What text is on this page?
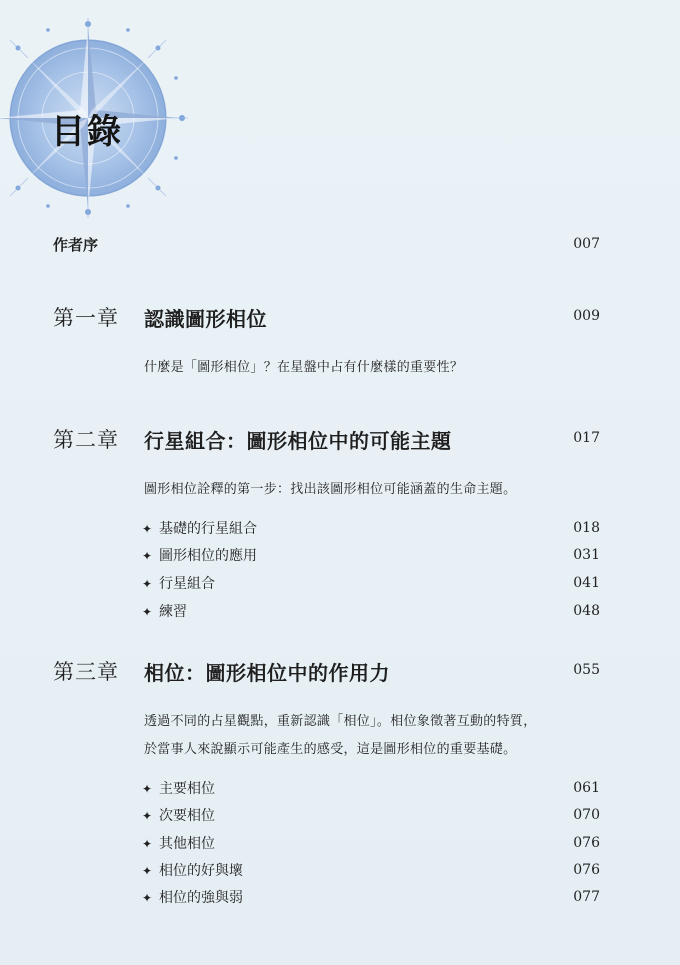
目錄
作者序	007
第一章 認識圖形相位	009
什麼是「圖形相位」？在星盤中占有什麼樣的重要性？
第二章 行星組合：圖形相位中的可能主題	017
圖形相位詮釋的第一步：找出該圖形相位可能涵蓋的生命主題。
✦ 基礎的行星組合	018
✦ 圖形相位的應用	031
✦ 行星組合	041
✦ 練習	048
第三章 相位：圖形相位中的作用力	055
透過不同的占星觀點，重新認識「相位」。相位象徵著互動的特質，
於當事人來說顯示可能產生的感受，這是圖形相位的重要基礎。
✦ 主要相位	061
✦ 次要相位	070
✦ 其他相位	076
✦ 相位的好與壞	076
✦ 相位的強與弱	077
